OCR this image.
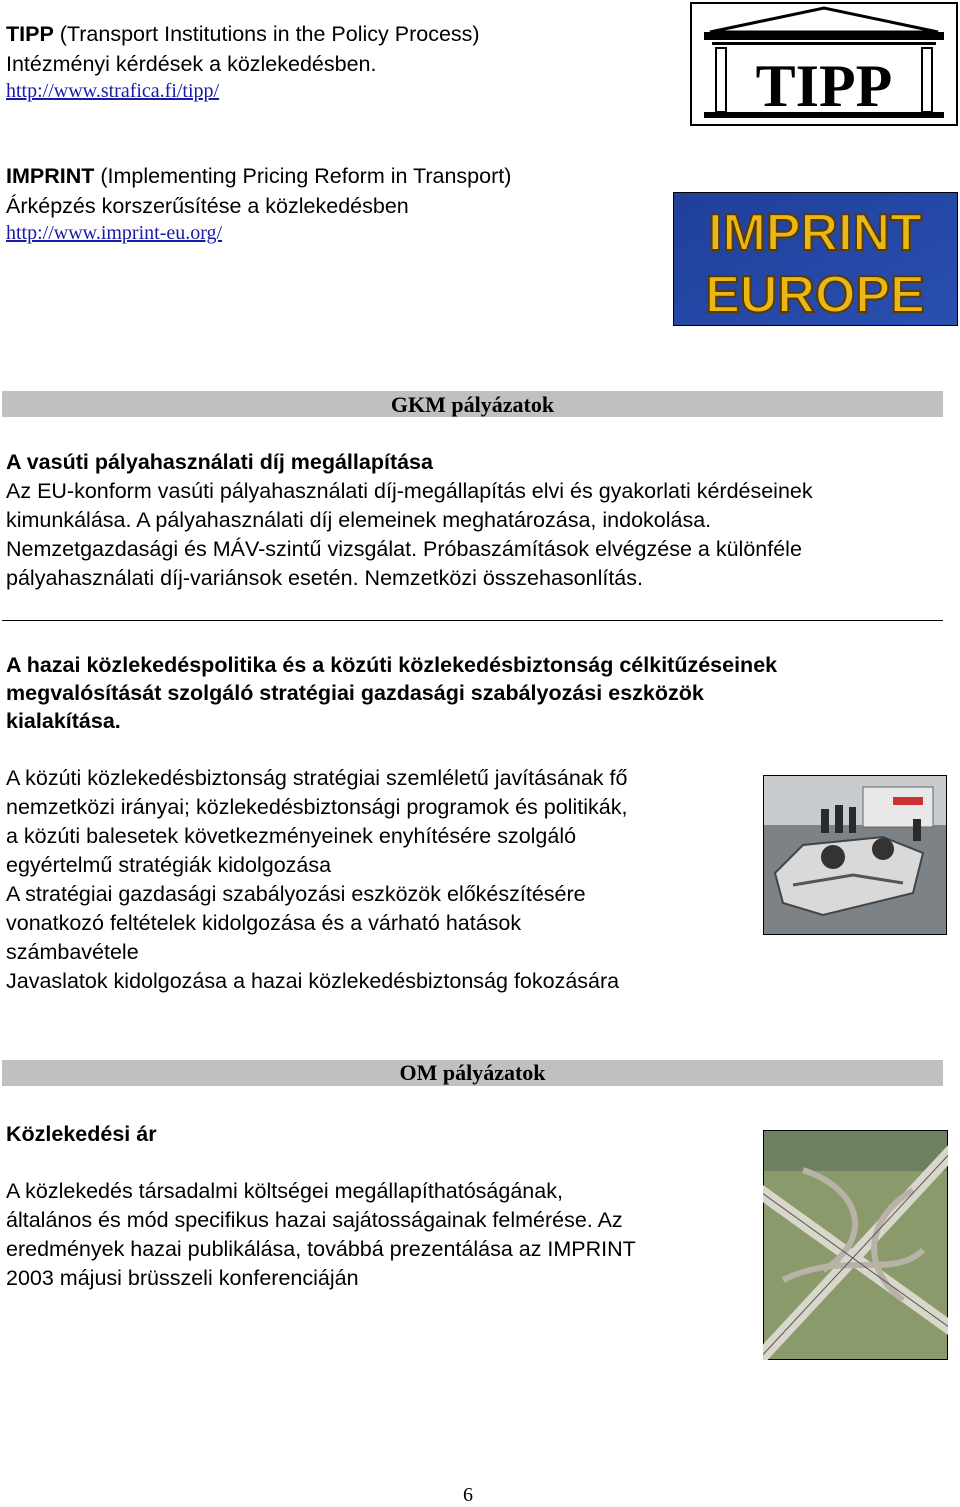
TIPP (Transport Institutions in the Policy Process)
Intézményi kérdések a közlekedésben.
http://www.strafica.fi/tipp/	TIPP
IMPRINT (Implementing Pricing Reform in Transport)
Árképzés korszerűsítése a közlekedésben
http://www.imprint-eu.org/	IMPRINT
EUROPE
GKM pályázatok
A vasúti pályahasználati díj megállapítása
Az EU-konform vasúti pályahasználati díj-megállapítás elvi és gyakorlati kérdéseinek
kimunkálása. A pályahasználati díj elemeinek meghatározása, indokolása.
Nemzetgazdasági és MÁV-szintű vizsgálat. Próbaszámítások elvégzése a különféle
pályahasználati díj-variánsok esetén. Nemzetközi összehasonlítás.
A hazai közlekedéspolitika és a közúti közlekedésbiztonság célkitűzéseinek
megvalósítását szolgáló stratégiai gazdasági szabályozási eszközök
kialakítása.
A közúti közlekedésbiztonság stratégiai szemléletű javításának fő
nemzetközi irányai; közlekedésbiztonsági programok és politikák,
a közúti balesetek következményeinek enyhítésére szolgáló
egyértelmű stratégiák kidolgozása
A stratégiai gazdasági szabályozási eszközök előkészítésére
vonatkozó feltételek kidolgozása és a várható hatások
számbavétele
Javaslatok kidolgozása a hazai közlekedésbiztonság fokozására
OM pályázatok
Közlekedési ár
A közlekedés társadalmi költségei megállapíthatóságának,
általános és mód specifikus hazai sajátosságainak felmérése. Az
eredmények hazai publikálása, továbbá prezentálása az IMPRINT
2003 májusi brüsszeli konferenciáján
6
